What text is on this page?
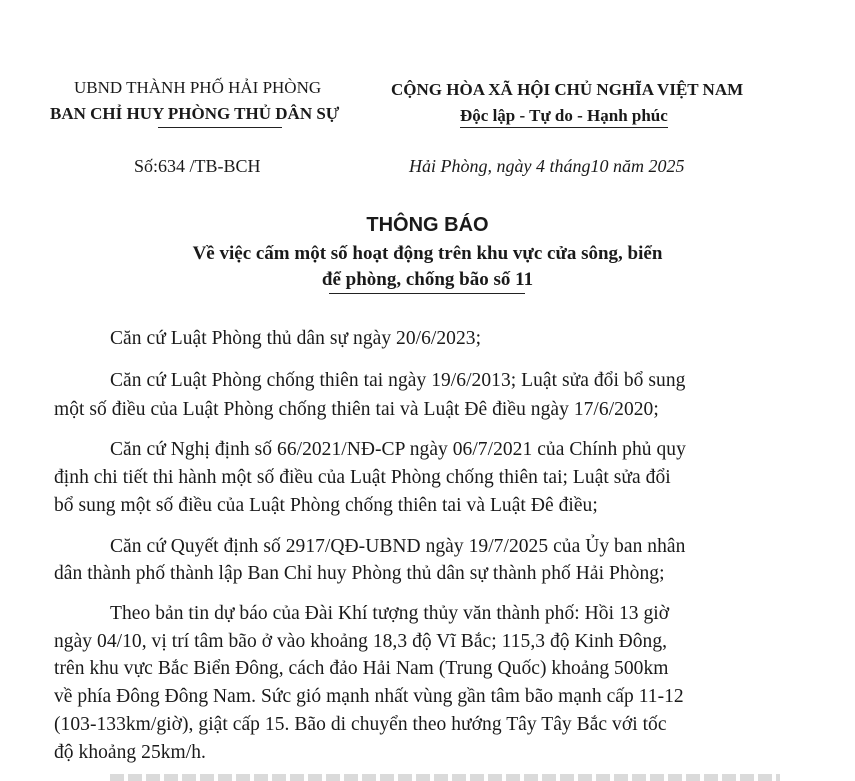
UBND THÀNH PHỐ HẢI PHÒNG
BAN CHỈ HUY PHÒNG THỦ DÂN SỰ
CỘNG HÒA XÃ HỘI CHỦ NGHĨA VIỆT NAM
Độc lập - Tự do - Hạnh phúc
Số:634 /TB-BCH	Hải Phòng, ngày 4 tháng10 năm 2025
THÔNG BÁO
Về việc cấm một số hoạt động trên khu vực cửa sông, biển
để phòng, chống bão số 11
Căn cứ Luật Phòng thủ dân sự ngày 20/6/2023;
Căn cứ Luật Phòng chống thiên tai ngày 19/6/2013; Luật sửa đổi bổ sung
một số điều của Luật Phòng chống thiên tai và Luật Đê điều ngày 17/6/2020;
Căn cứ Nghị định số 66/2021/NĐ-CP ngày 06/7/2021 của Chính phủ quy
định chi tiết thi hành một số điều của Luật Phòng chống thiên tai; Luật sửa đổi
bổ sung một số điều của Luật Phòng chống thiên tai và Luật Đê điều;
Căn cứ Quyết định số 2917/QĐ-UBND ngày 19/7/2025 của Ủy ban nhân
dân thành phố thành lập Ban Chỉ huy Phòng thủ dân sự thành phố Hải Phòng;
Theo bản tin dự báo của Đài Khí tượng thủy văn thành phố: Hồi 13 giờ
ngày 04/10, vị trí tâm bão ở vào khoảng 18,3 độ Vĩ Bắc; 115,3 độ Kinh Đông,
trên khu vực Bắc Biển Đông, cách đảo Hải Nam (Trung Quốc) khoảng 500km
về phía Đông Đông Nam. Sức gió mạnh nhất vùng gần tâm bão mạnh cấp 11-12
(103-133km/giờ), giật cấp 15. Bão di chuyển theo hướng Tây Tây Bắc với tốc
độ khoảng 25km/h.
